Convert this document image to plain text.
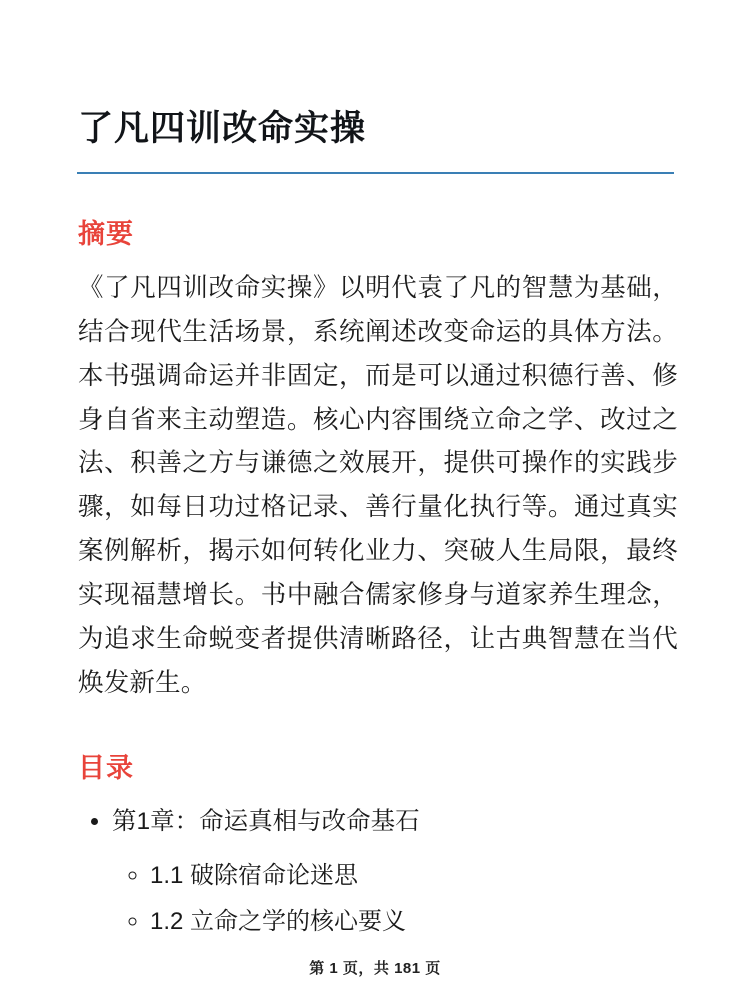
了凡四训改命实操
摘要

《了凡四训改命实操》以明代袁了凡的智慧为基础，结合现代生活场景，系统阐述改变命运的具体方法。本书强调命运并非固定，而是可以通过积德行善、修身自省来主动塑造。核心内容围绕立命之学、改过之法、积善之方与谦德之效展开，提供可操作的实践步骤，如每日功过格记录、善行量化执行等。通过真实案例解析，揭示如何转化业力、突破人生局限，最终实现福慧增长。书中融合儒家修身与道家养生理念，为追求生命蜕变者提供清晰路径，让古典智慧在当代焕发新生。

目录
• 第1章：命运真相与改命基石
◦ 1.1 破除宿命论迷思
◦ 1.2 立命之学的核心要义
第 1 页，共 181 页
